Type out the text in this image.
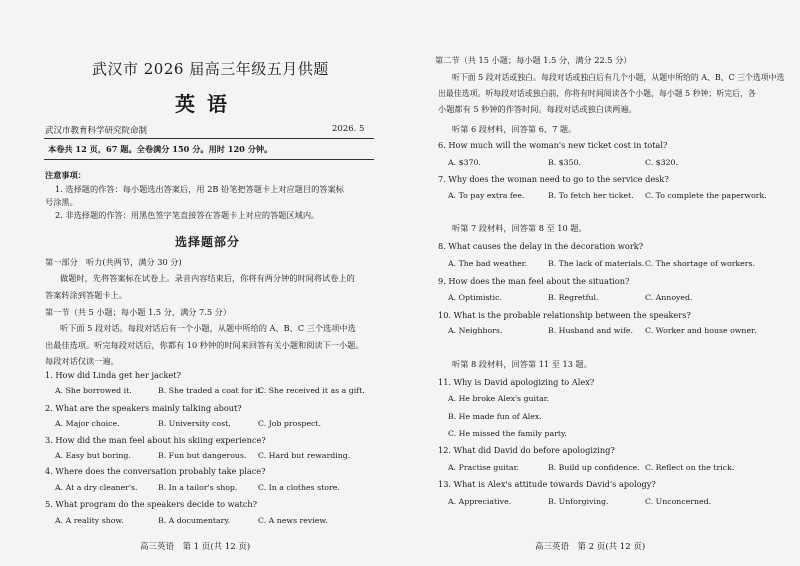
武汉市 2026 届高三年级五月供题
英语
武汉市教育科学研究院命制	2026. 5
本卷共 12 页，67 题。全卷满分 150 分。用时 120 分钟。
注意事项：
1. 选择题的作答：每小题选出答案后，用 2B 铅笔把答题卡上对应题目的答案标
号涂黑。
2. 非选择题的作答：用黑色签字笔直接答在答题卡上对应的答题区域内。
选择题部分
第一部分　听力(共两节，满分 30 分)
做题时，先将答案标在试卷上。录音内容结束后，你将有两分钟的时间将试卷上的
答案转涂到答题卡上。
第一节（共 5 小题；每小题 1.5 分，满分 7.5 分）
听下面 5 段对话。每段对话后有一个小题，从题中所给的 A、B、C 三个选项中选
出最佳选项。听完每段对话后，你都有 10 秒钟的时间来回答有关小题和阅读下一小题。
每段对话仅读一遍。
1. How did Linda get her jacket?
A. She borrowed it.	B. She traded a coat for it.
C. She received it as a gift.
2. What are the speakers mainly talking about?
A. Major choice.	B. University cost.	C. Job prospect.
3. How did the man feel about his skiing experience?
A. Easy but boring.	B. Fun but dangerous. C. Hard but rewarding.
4. Where does the conversation probably take place?
A. At a dry cleaner's.	B. In a tailor's shop.	C. In a clothes store.
5. What program do the speakers decide to watch?
A. A reality show.	B. A documentary.	C. A news review.
高三英语　第 1 页(共 12 页)
第二节（共 15 小题；每小题 1.5 分，满分 22.5 分）
听下面 5 段对话或独白。每段对话或独白后有几个小题，从题中所给的 A、B、C 三个选项中选
出最佳选项。听每段对话或独白前，你将有时间阅读各个小题，每小题 5 秒钟；听完后，各
小题都有 5 秒钟的作答时间。每段对话或独白读两遍。
听第 6 段材料，回答第 6、7 题。
6. How much will the woman's new ticket cost in total?
A. $370.	B. $350.	C. $320.
7. Why does the woman need to go to the service desk?
A. To pay extra fee.	B. To fetch her ticket. C. To complete the paperwork.
听第 7 段材料，回答第 8 至 10 题。
8. What causes the delay in the decoration work?
A. The bad weather.	B. The lack of materials. C. The shortage of workers.
9. How does the man feel about the situation?
A. Optimistic.	B. Regretful.	C. Annoyed.
10. What is the probable relationship between the speakers?
A. Neighbors.	B. Husband and wife. C. Worker and house owner.
听第 8 段材料，回答第 11 至 13 题。
11. Why is David apologizing to Alex?
A. He broke Alex's guitar.
B. He made fun of Alex.
C. He missed the family party.
12. What did David do before apologizing?
A. Practise guitar.	B. Build up confidence. C. Reflect on the trick.
13. What is Alex's attitude towards David's apology?
A. Appreciative.	B. Unforgiving.	C. Unconcerned.
高三英语　第 2 页(共 12 页)
